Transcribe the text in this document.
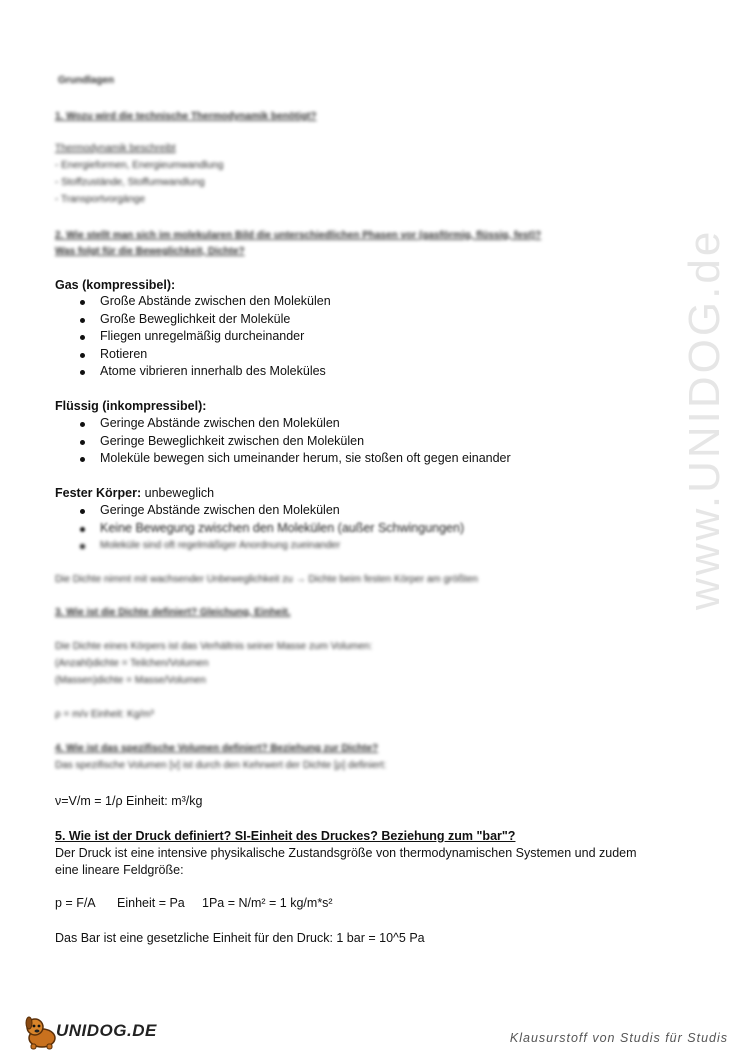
www.UNIDOG.de
Grundlagen
1. Wozu wird die technische Thermodynamik benötigt?
Thermodynamik beschreibt
- Energieformen, Energieumwandlung
- Stoffzustände, Stoffumwandlung
- Transportvorgänge
2. Wie stellt man sich im molekularen Bild die unterschiedlichen Phasen vor (gasförmig, flüssig, fest)?
Was folgt für die Beweglichkeit, Dichte?
Gas (kompressibel):
Große Abstände zwischen den Molekülen
Große Beweglichkeit der Moleküle
Fliegen unregelmäßig durcheinander
Rotieren
Atome vibrieren innerhalb des Moleküles
Flüssig (inkompressibel):
Geringe Abstände zwischen den Molekülen
Geringe Beweglichkeit zwischen den Molekülen
Moleküle bewegen sich umeinander herum, sie stoßen oft gegen einander
Fester Körper: unbeweglich
Geringe Abstände zwischen den Molekülen
Keine Bewegung zwischen den Molekülen (außer Schwingungen)
Moleküle sind oft regelmäßiger Anordnung zueinander
Die Dichte nimmt mit wachsender Unbeweglichkeit zu → Dichte beim festen Körper am größten
3. Wie ist die Dichte definiert? Gleichung, Einheit.
Die Dichte eines Körpers ist das Verhältnis seiner Masse zum Volumen:
(Anzahl)dichte = Teilchen/Volumen
(Massen)dichte = Masse/Volumen
ρ = m/v Einheit: Kg/m³
4. Wie ist das spezifische Volumen definiert? Beziehung zur Dichte?
Das spezifische Volumen [v] ist durch den Kehrwert der Dichte [ρ] definiert:
ν=V/m = 1/ρ Einheit: m³/kg
5. Wie ist der Druck definiert? SI-Einheit des Druckes? Beziehung zum "bar"?
Der Druck ist eine intensive physikalische Zustandsgröße von thermodynamischen Systemen und zudem
eine lineare Feldgröße:
p = F/A Einheit = Pa 1Pa = N/m² = 1 kg/m*s²
Das Bar ist eine gesetzliche Einheit für den Druck: 1 bar = 10^5 Pa
UNIDOG.DE	Klausurstoff von Studis für Studis
